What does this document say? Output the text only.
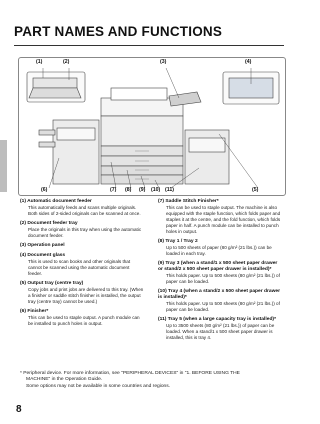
PART NAMES AND FUNCTIONS
(1)	(2)	(3)	(4)
(5)
(6)	(7) (8) (9) (10) (11)
(1) Automatic document feeder
This automatically feeds and scans multiple originals. Both sides of 2-sided originals can be scanned at once.
(2) Document feeder tray
Place the originals in this tray when using the automatic document feeder.
(3) Operation panel
(4) Document glass
This is used to scan books and other originals that cannot be scanned using the automatic document feeder.
(5) Output tray (centre tray)
Copy jobs and print jobs are delivered to this tray. (When a finisher or saddle stitch finisher is installed, the output tray (centre tray) cannot be used.)
(6) Finisher*
This can be used to staple output. A punch module can be installed to punch holes in output.
(7) Saddle Stitch Finisher*
This can be used to staple output. The machine is also equipped with the staple function, which folds paper and staples it at the centre, and the fold function, which folds paper in half. A punch module can be installed to punch holes in output.
(8) Tray 1 / Tray 2
Up to 500 sheets of paper (80 g/m² (21 lbs.)) can be loaded in each tray.
(9) Tray 3 (when a stand/1 x 500 sheet paper drawer or stand/2 x 500 sheet paper drawer is installed)*
This holds paper. Up to 500 sheets (80 g/m² (21 lbs.)) of paper can be loaded.
(10) Tray 4 (when a stand/2 x 500 sheet paper drawer is installed)*
This holds paper. Up to 500 sheets (80 g/m² (21 lbs.)) of paper can be loaded.
(11) Tray 5 (when a large capacity tray is installed)*
Up to 3500 sheets (80 g/m² (21 lbs.)) of paper can be loaded. When a stand/1 x 500 sheet paper drawer is installed, this is tray 4.
* Peripheral device. For more information, see "PERIPHERAL DEVICES" in "1. BEFORE USING THE
MACHINE" in the Operation Guide.
Some options may not be available in some countries and regions.
8
